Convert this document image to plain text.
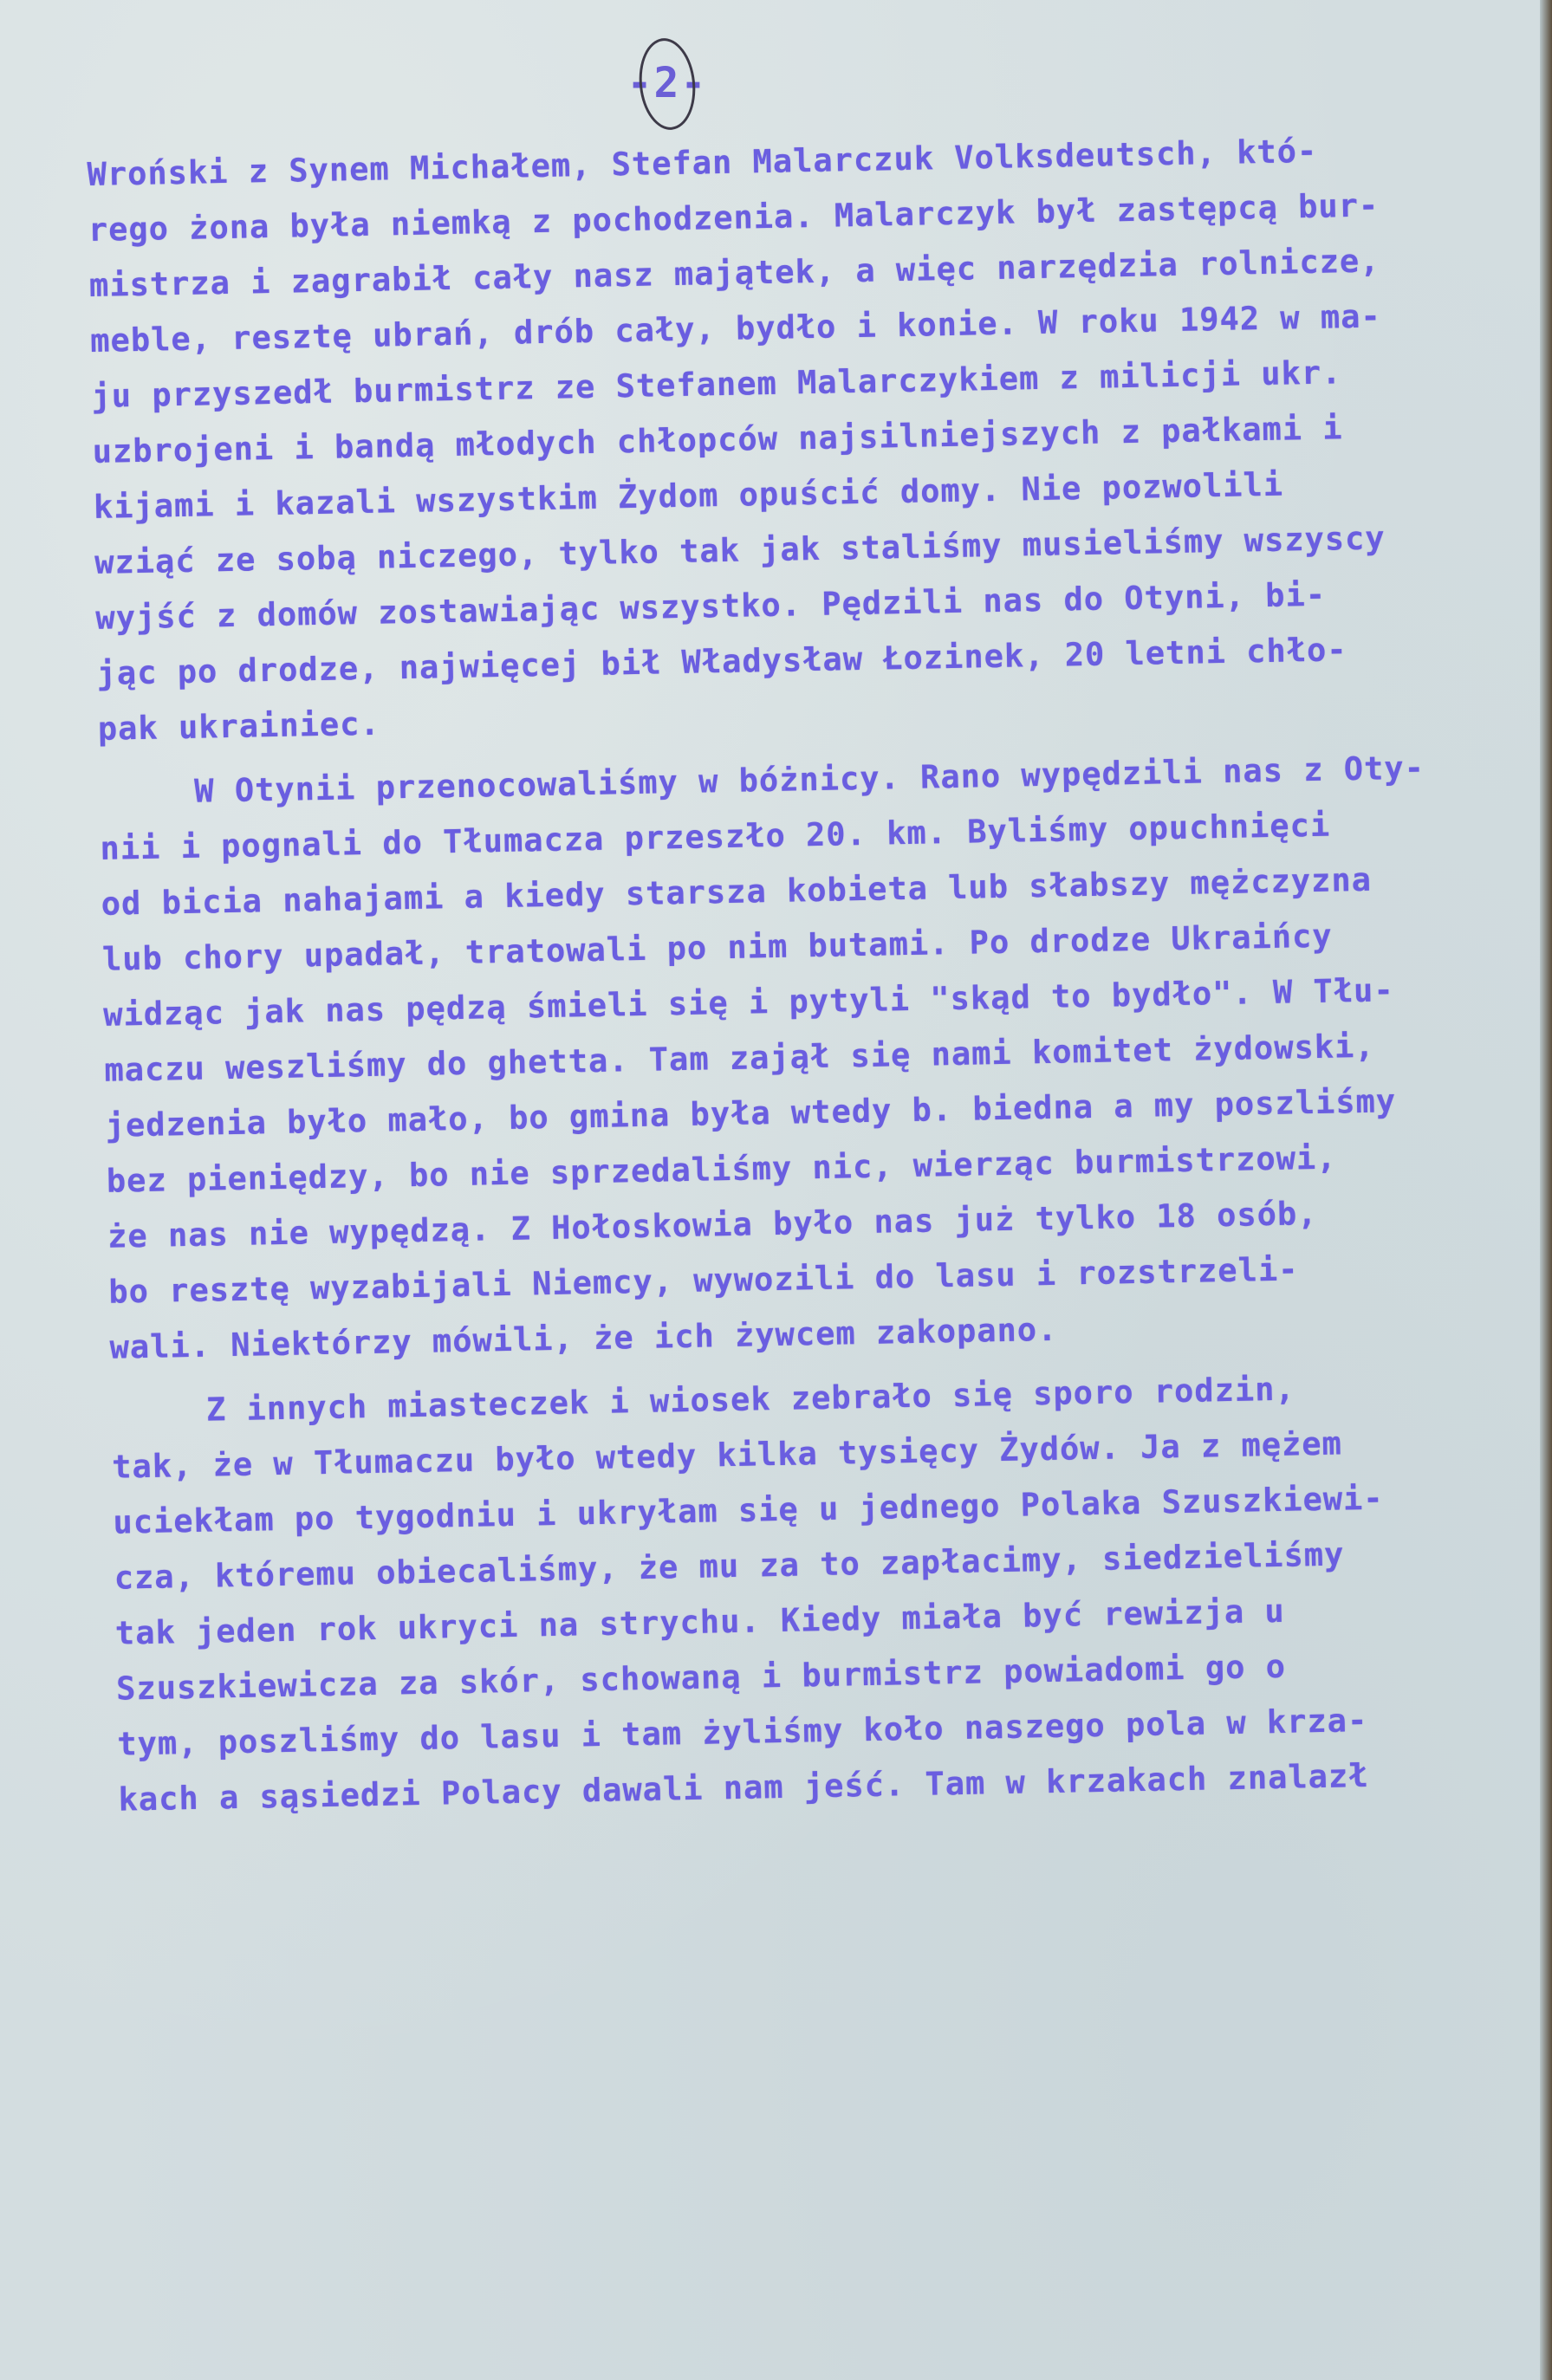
-2-
Wroński z Synem Michałem, Stefan Malarczuk Volksdeutsch, któ-
rego żona była niemką z pochodzenia. Malarczyk był zastępcą bur-
mistrza i zagrabił cały nasz majątek, a więc narzędzia rolnicze,
meble, resztę ubrań, drób cały, bydło i konie. W roku 1942 w ma-
ju przyszedł burmistrz ze Stefanem Malarczykiem z milicji ukr.
uzbrojeni i bandą młodych chłopców najsilniejszych z pałkami i
kijami i kazali wszystkim Żydom opuścić domy. Nie pozwolili
wziąć ze sobą niczego, tylko tak jak staliśmy musieliśmy wszyscy
wyjść z domów zostawiając wszystko. Pędzili nas do Otyni, bi-
jąc po drodze, najwięcej bił Władysław Łozinek, 20 letni chło-
pak ukrainiec.
W Otynii przenocowaliśmy w bóżnicy. Rano wypędzili nas z Oty-
nii i pognali do Tłumacza przeszło 20. km. Byliśmy opuchnięci
od bicia nahajami a kiedy starsza kobieta lub słabszy mężczyzna
lub chory upadał, tratowali po nim butami. Po drodze Ukraińcy
widząc jak nas pędzą śmieli się i pytyli "skąd to bydło". W Tłu-
maczu weszliśmy do ghetta. Tam zajął się nami komitet żydowski,
jedzenia było mało, bo gmina była wtedy b. biedna a my poszliśmy
bez pieniędzy, bo nie sprzedaliśmy nic, wierząc burmistrzowi,
że nas nie wypędzą. Z Hołoskowia było nas już tylko 18 osób,
bo resztę wyzabijali Niemcy, wywozili do lasu i rozstrzeli-
wali. Niektórzy mówili, że ich żywcem zakopano.
Z innych miasteczek i wiosek zebrało się sporo rodzin,
tak, że w Tłumaczu było wtedy kilka tysięcy Żydów. Ja z mężem
uciekłam po tygodniu i ukryłam się u jednego Polaka Szuszkiewi-
cza, któremu obiecaliśmy, że mu za to zapłacimy, siedzieliśmy
tak jeden rok ukryci na strychu. Kiedy miała być rewizja u
Szuszkiewicza za skór, schowaną i burmistrz powiadomi go o
tym, poszliśmy do lasu i tam żyliśmy koło naszego pola w krza-
kach a sąsiedzi Polacy dawali nam jeść. Tam w krzakach znalazł
